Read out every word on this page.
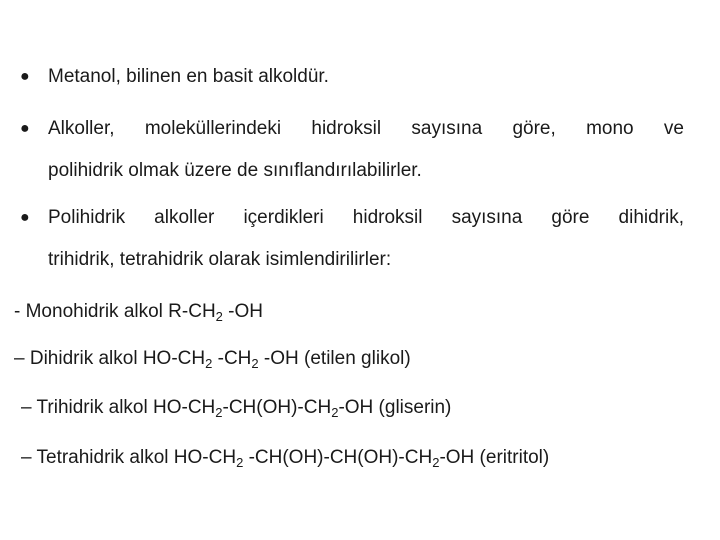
● Metanol, bilinen en basit alkoldür.
● Alkoller, moleküllerindeki hidroksil sayısına göre, mono ve
polihidrik olmak üzere de sınıflandırılabilirler.
● Polihidrik alkoller içerdikleri hidroksil sayısına göre dihidrik,
trihidrik, tetrahidrik olarak isimlendirilirler:
- Monohidrik alkol $R-CH_2$ -OH
– Dihidrik alkol $HO-CH_2$ $-CH_2$ -OH (etilen glikol)
– Trihidrik alkol $HO-CH_2-CH(OH)-CH_2-OH$ (gliserin)
– Tetrahidrik alkol $HO-CH_2$ $-CH(OH)-CH(OH)-CH_2-OH$ (eritritol)
